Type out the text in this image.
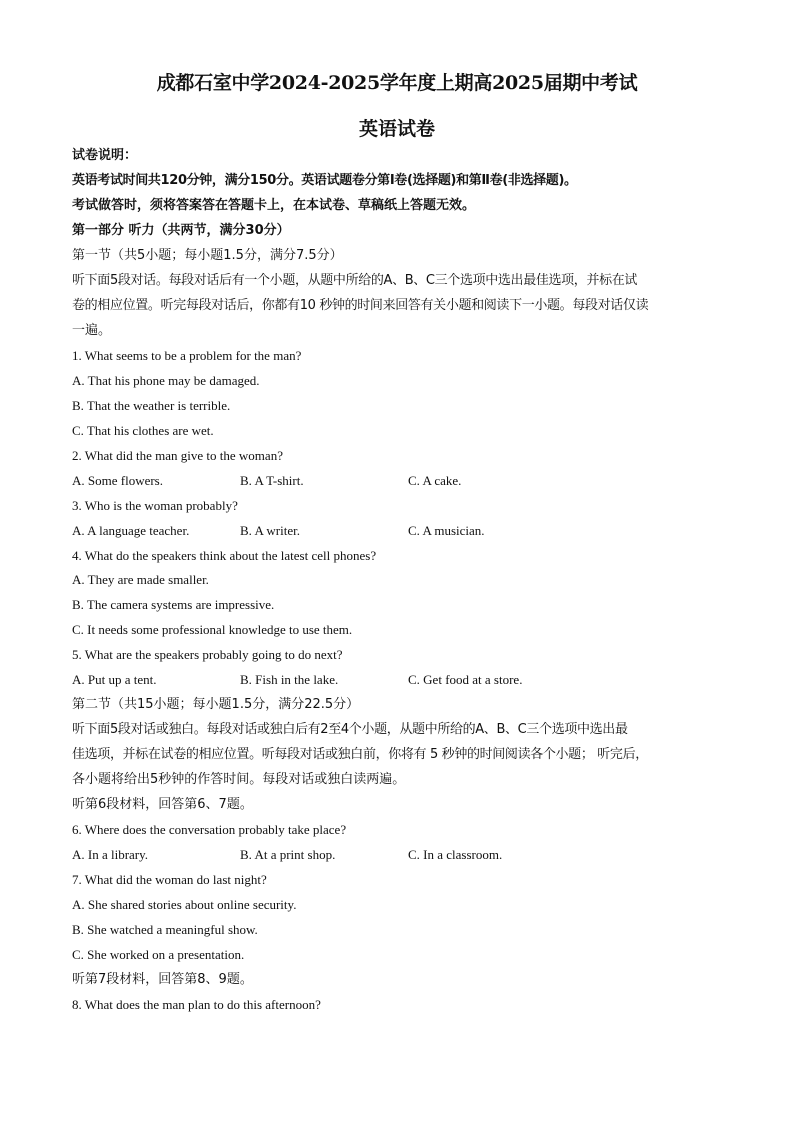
成都石室中学2024-2025学年度上期高2025届期中考试
英语试卷
试卷说明：
英语考试时间共120分钟，满分150分。英语试题卷分第Ⅰ卷(选择题)和第Ⅱ卷(非选择题)。
考试做答时，须将答案答在答题卡上，在本试卷、草稿纸上答题无效。
第一部分 听力（共两节，满分30分）
第一节（共5小题；每小题1.5分，满分7.5分）
听下面5段对话。每段对话后有一个小题，从题中所给的A、B、C三个选项中选出最佳选项，并标在试
卷的相应位置。听完每段对话后，你都有10 秒钟的时间来回答有关小题和阅读下一小题。每段对话仅读
一遍。
1. What seems to be a problem for the man?
A. That his phone may be damaged.
B. That the weather is terrible.
C. That his clothes are wet.
2. What did the man give to the woman?
A. Some flowers.	B. A T-shirt.	C. A cake.
3. Who is the woman probably?
A. A language teacher.	B. A writer.	C. A musician.
4. What do the speakers think about the latest cell phones?
A. They are made smaller.
B. The camera systems are impressive.
C. It needs some professional knowledge to use them.
5. What are the speakers probably going to do next?
A. Put up a tent.	B. Fish in the lake.	C. Get food at a store.
第二节（共15小题；每小题1.5分，满分22.5分）
听下面5段对话或独白。每段对话或独白后有2至4个小题，从题中所给的A、B、C三个选项中选出最
佳选项，并标在试卷的相应位置。听每段对话或独白前，你将有 5 秒钟的时间阅读各个小题； 听完后，
各小题将给出5秒钟的作答时间。每段对话或独白读两遍。
听第6段材料，回答第6、7题。
6. Where does the conversation probably take place?
A. In a library.	B. At a print shop.	C. In a classroom.
7. What did the woman do last night?
A. She shared stories about online security.
B. She watched a meaningful show.
C. She worked on a presentation.
听第7段材料，回答第8、9题。
8. What does the man plan to do this afternoon?
